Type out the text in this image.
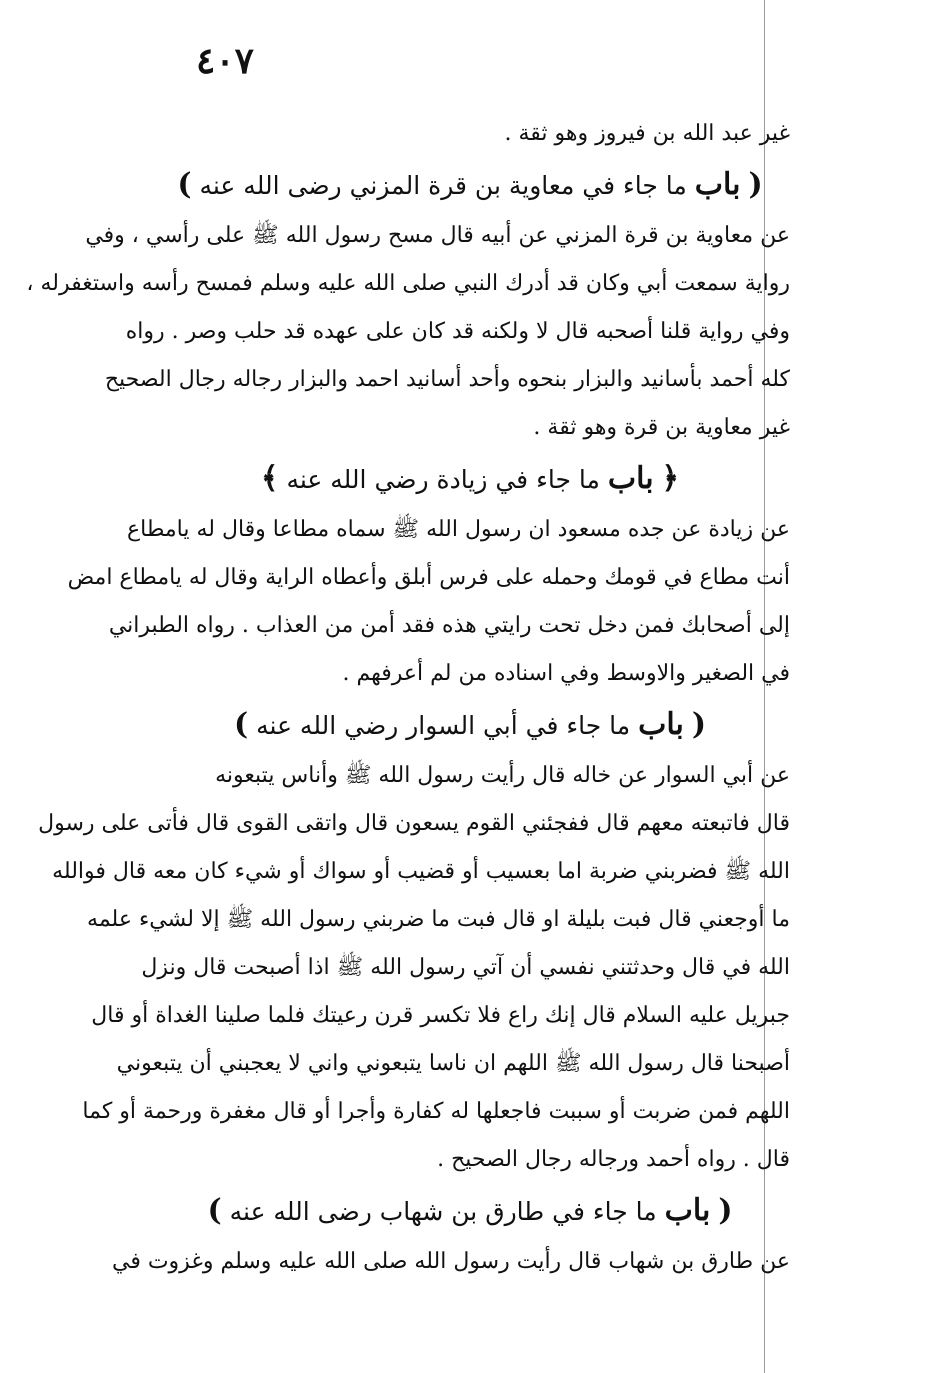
٤٠٧
غير عبد الله بن فيروز وهو ثقة .
( باب ما جاء في معاوية بن قرة المزني رضى الله عنه )
عن معاوية بن قرة المزني عن أبيه قال مسح رسول الله ﷺ على رأسي ، وفي
رواية سمعت أبي وكان قد أدرك النبي صلى الله عليه وسلم فمسح رأسه واستغفرله ،
وفي رواية قلنا أصحبه قال لا ولكنه قد كان على عهده قد حلب وصر . رواه
كله أحمد بأسانيد والبزار بنحوه وأحد أسانيد احمد والبزار رجاله رجال الصحيح
غير معاوية بن قرة وهو ثقة .
﴿ باب ما جاء في زيادة رضي الله عنه ﴾
عن زيادة عن جده مسعود ان رسول الله ﷺ سماه مطاعا وقال له يامطاع
أنت مطاع في قومك وحمله على فرس أبلق وأعطاه الراية وقال له يامطاع امض
إلى أصحابك فمن دخل تحت رايتي هذه فقد أمن من العذاب . رواه الطبراني
في الصغير والاوسط وفي اسناده من لم أعرفهم .
( باب ما جاء في أبي السوار رضي الله عنه )
عن أبي السوار عن خاله قال رأيت رسول الله ﷺ وأناس يتبعونه
قال فاتبعته معهم قال ففجئني القوم يسعون قال واتقى القوى قال فأتى على رسول
الله ﷺ فضربني ضربة اما بعسيب أو قضيب أو سواك أو شيء كان معه قال فوالله
ما أوجعني قال فبت بليلة او قال فبت ما ضربني رسول الله ﷺ إلا لشيء علمه
الله في قال وحدثتني نفسي أن آتي رسول الله ﷺ اذا أصبحت قال ونزل
جبريل عليه السلام قال إنك راع فلا تكسر قرن رعيتك فلما صلينا الغداة أو قال
أصبحنا قال رسول الله ﷺ اللهم ان ناسا يتبعوني واني لا يعجبني أن يتبعوني
اللهم فمن ضربت أو سببت فاجعلها له كفارة وأجرا أو قال مغفرة ورحمة أو كما
قال . رواه أحمد ورجاله رجال الصحيح .
( باب ما جاء في طارق بن شهاب رضى الله عنه )
عن طارق بن شهاب قال رأيت رسول الله صلى الله عليه وسلم وغزوت في
